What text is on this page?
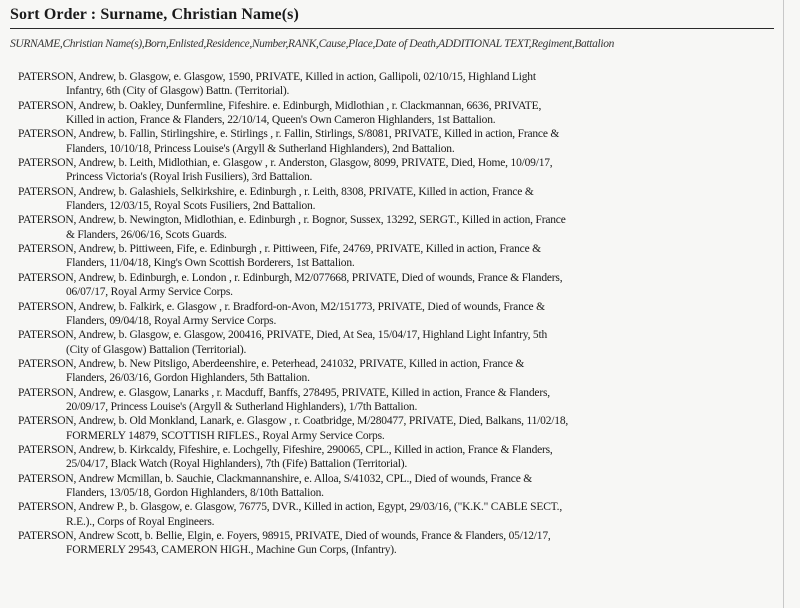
Sort Order : Surname, Christian Name(s)
SURNAME,Christian Name(s),Born,Enlisted,Residence,Number,RANK,Cause,Place,Date of Death,ADDITIONAL TEXT,Regiment,Battalion
PATERSON, Andrew, b. Glasgow, e. Glasgow, 1590, PRIVATE, Killed in action, Gallipoli, 02/10/15, Highland Light
Infantry, 6th (City of Glasgow) Battn. (Territorial).
PATERSON, Andrew, b. Oakley, Dunfermline, Fifeshire. e. Edinburgh, Midlothian , r. Clackmannan, 6636, PRIVATE,
Killed in action, France & Flanders, 22/10/14, Queen's Own Cameron Highlanders, 1st Battalion.
PATERSON, Andrew, b. Fallin, Stirlingshire, e. Stirlings , r. Fallin, Stirlings, S/8081, PRIVATE, Killed in action, France &
Flanders, 10/10/18, Princess Louise's (Argyll & Sutherland Highlanders), 2nd Battalion.
PATERSON, Andrew, b. Leith, Midlothian, e. Glasgow , r. Anderston, Glasgow, 8099, PRIVATE, Died, Home, 10/09/17,
Princess Victoria's (Royal Irish Fusiliers), 3rd Battalion.
PATERSON, Andrew, b. Galashiels, Selkirkshire, e. Edinburgh , r. Leith, 8308, PRIVATE, Killed in action, France &
Flanders, 12/03/15, Royal Scots Fusiliers, 2nd Battalion.
PATERSON, Andrew, b. Newington, Midlothian, e. Edinburgh , r. Bognor, Sussex, 13292, SERGT., Killed in action, France
& Flanders, 26/06/16, Scots Guards.
PATERSON, Andrew, b. Pittiween, Fife, e. Edinburgh , r. Pittiween, Fife, 24769, PRIVATE, Killed in action, France &
Flanders, 11/04/18, King's Own Scottish Borderers, 1st Battalion.
PATERSON, Andrew, b. Edinburgh, e. London , r. Edinburgh, M2/077668, PRIVATE, Died of wounds, France & Flanders,
06/07/17, Royal Army Service Corps.
PATERSON, Andrew, b. Falkirk, e. Glasgow , r. Bradford-on-Avon, M2/151773, PRIVATE, Died of wounds, France &
Flanders, 09/04/18, Royal Army Service Corps.
PATERSON, Andrew, b. Glasgow, e. Glasgow, 200416, PRIVATE, Died, At Sea, 15/04/17, Highland Light Infantry, 5th
(City of Glasgow) Battalion (Territorial).
PATERSON, Andrew, b. New Pitsligo, Aberdeenshire, e. Peterhead, 241032, PRIVATE, Killed in action, France &
Flanders, 26/03/16, Gordon Highlanders, 5th Battalion.
PATERSON, Andrew, e. Glasgow, Lanarks , r. Macduff, Banffs, 278495, PRIVATE, Killed in action, France & Flanders,
20/09/17, Princess Louise's (Argyll & Sutherland Highlanders), 1/7th Battalion.
PATERSON, Andrew, b. Old Monkland, Lanark, e. Glasgow , r. Coatbridge, M/280477, PRIVATE, Died, Balkans, 11/02/18,
FORMERLY 14879, SCOTTISH RIFLES., Royal Army Service Corps.
PATERSON, Andrew, b. Kirkcaldy, Fifeshire, e. Lochgelly, Fifeshire, 290065, CPL., Killed in action, France & Flanders,
25/04/17, Black Watch (Royal Highlanders), 7th (Fife) Battalion (Territorial).
PATERSON, Andrew Mcmillan, b. Sauchie, Clackmannanshire, e. Alloa, S/41032, CPL., Died of wounds, France &
Flanders, 13/05/18, Gordon Highlanders, 8/10th Battalion.
PATERSON, Andrew P., b. Glasgow, e. Glasgow, 76775, DVR., Killed in action, Egypt, 29/03/16, ("K.K." CABLE SECT.,
R.E.)., Corps of Royal Engineers.
PATERSON, Andrew Scott, b. Bellie, Elgin, e. Foyers, 98915, PRIVATE, Died of wounds, France & Flanders, 05/12/17,
FORMERLY 29543, CAMERON HIGH., Machine Gun Corps, (Infantry).
